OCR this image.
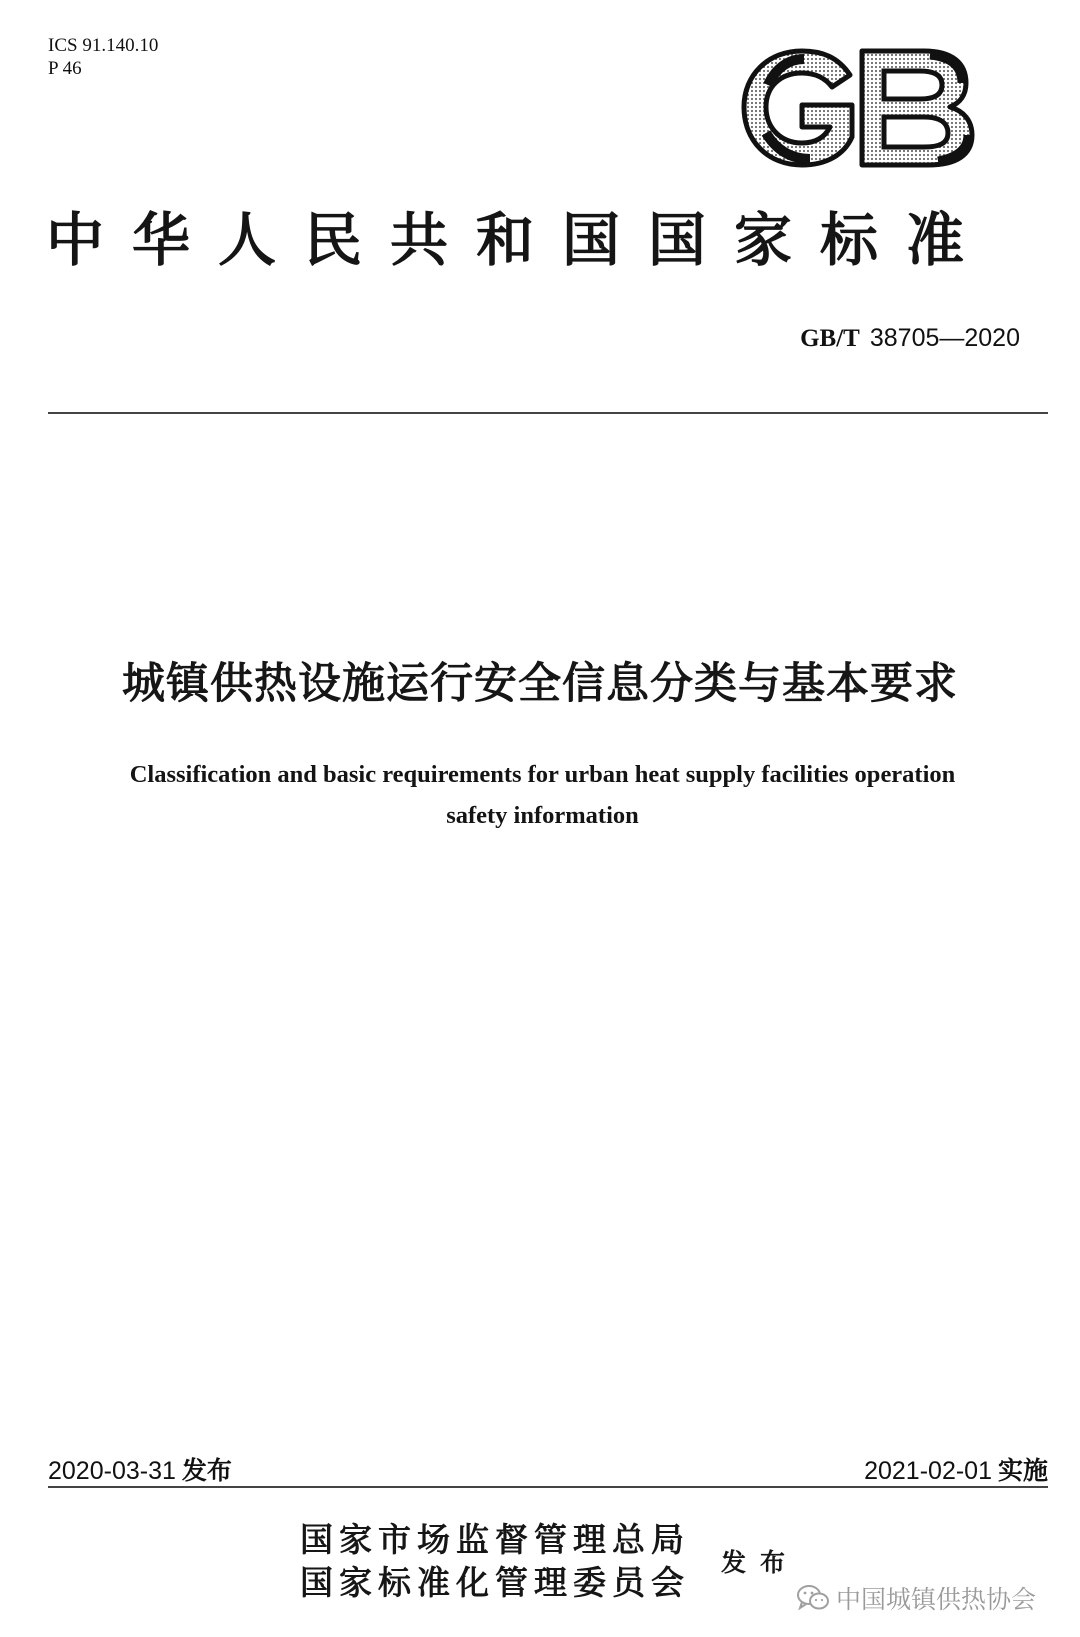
ICS 91.140.10
P 46
中华人民共和国国家标准
GB/T 38705—2020
城镇供热设施运行安全信息分类与基本要求
Classification and basic requirements for urban heat supply facilities operation
safety information
2020-03-31 发布	2021-02-01 实施
国家市场监督管理总局
国家标准化管理委员会
发布
中国城镇供热协会
